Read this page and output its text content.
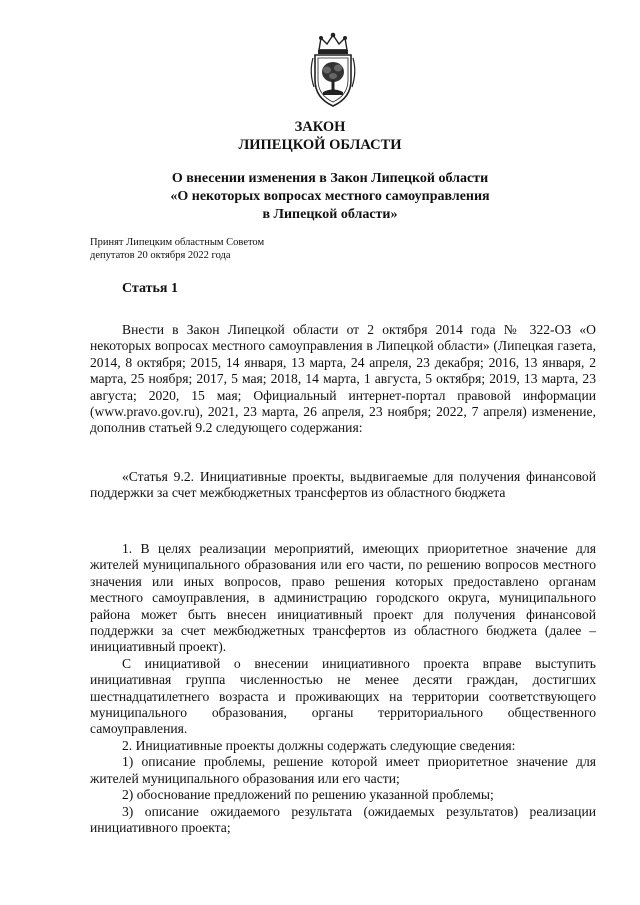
ЗАКОН
ЛИПЕЦКОЙ ОБЛАСТИ
О внесении изменения в Закон Липецкой области
«О некоторых вопросах местного самоуправления
в Липецкой области»
Принят Липецким областным Советом
депутатов 20 октября 2022 года
Статья 1

Внести в Закон Липецкой области от 2 октября 2014 года № 322-ОЗ «О некоторых вопросах местного самоуправления в Липецкой области» (Липецкая газета, 2014, 8 октября; 2015, 14 января, 13 марта, 24 апреля, 23 декабря; 2016, 13 января, 2 марта, 25 ноября; 2017, 5 мая; 2018, 14 марта, 1 августа, 5 октября; 2019, 13 марта, 23 августа; 2020, 15 мая; Официальный интернет-портал правовой информации (www.pravo.gov.ru), 2021, 23 марта, 26 апреля, 23 ноября; 2022, 7 апреля) изменение, дополнив статьей 9.2 следующего содержания:

«Статья 9.2. Инициативные проекты, выдвигаемые для получения финансовой поддержки за счет межбюджетных трансфертов из областного бюджета

1. В целях реализации мероприятий, имеющих приоритетное значение для жителей муниципального образования или его части, по решению вопросов местного значения или иных вопросов, право решения которых предоставлено органам местного самоуправления, в администрацию городского округа, муниципального района может быть внесен инициативный проект для получения финансовой поддержки за счет межбюджетных трансфертов из областного бюджета (далее – инициативный проект).

С инициативой о внесении инициативного проекта вправе выступить инициативная группа численностью не менее десяти граждан, достигших шестнадцатилетнего возраста и проживающих на территории соответствующего муниципального образования, органы территориального общественного самоуправления.

2. Инициативные проекты должны содержать следующие сведения:

1) описание проблемы, решение которой имеет приоритетное значение для жителей муниципального образования или его части;

2) обоснование предложений по решению указанной проблемы;

3) описание ожидаемого результата (ожидаемых результатов) реализации инициативного проекта;
